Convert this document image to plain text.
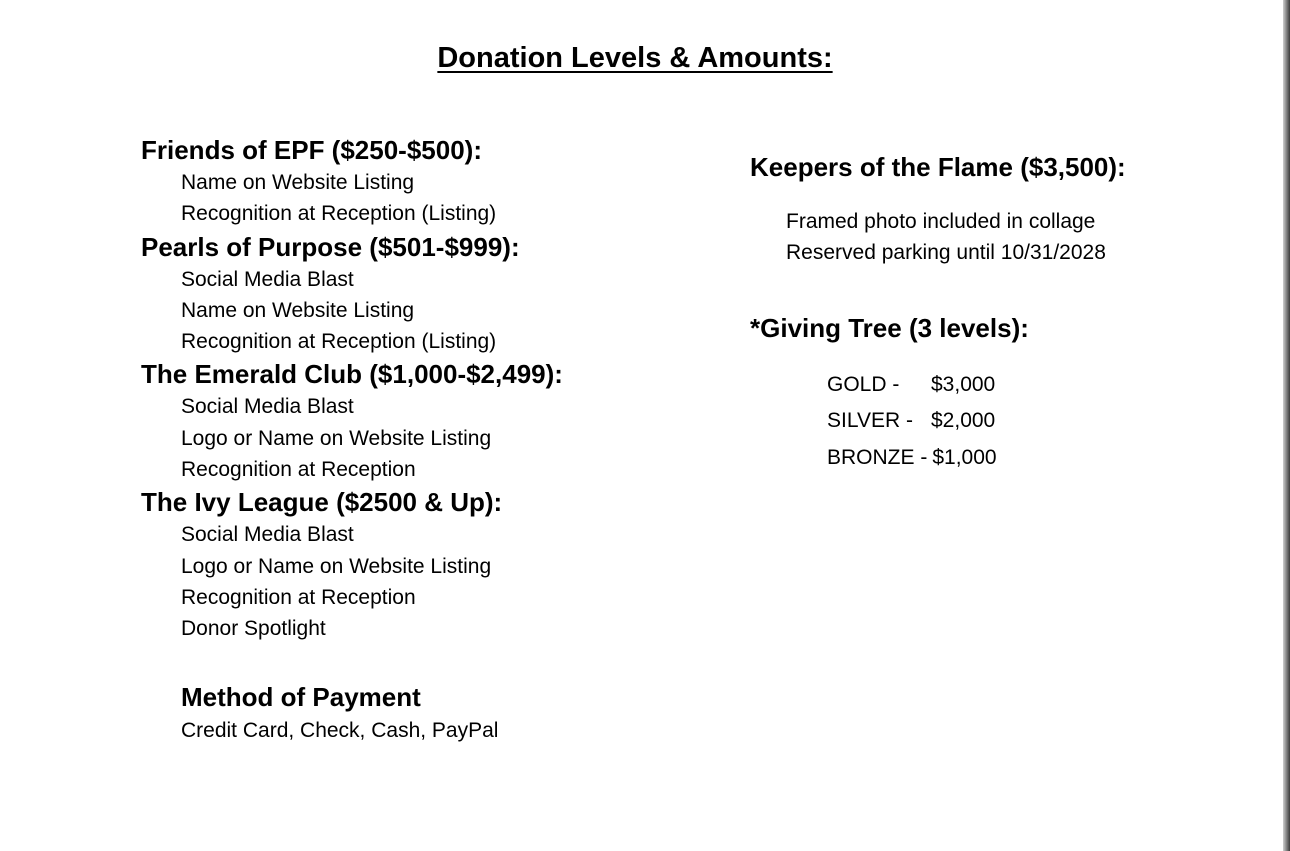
Donation Levels & Amounts:
Friends of EPF ($250-$500):
Name on Website Listing
Recognition at Reception (Listing)
Pearls of Purpose ($501-$999):
Social Media Blast
Name on Website Listing
Recognition at Reception (Listing)
The Emerald Club ($1,000-$2,499):
Social Media Blast
Logo or Name on Website Listing
Recognition at Reception
The Ivy League ($2500 & Up):
Social Media Blast
Logo or Name on Website Listing
Recognition at Reception
Donor Spotlight
Method of Payment
Credit Card, Check, Cash, PayPal
Keepers of the Flame ($3,500):
Framed photo included in collage
Reserved parking until 10/31/2028
*Giving Tree (3 levels):
GOLD -	$3,000
SILVER - $2,000
BRONZE - $1,000
